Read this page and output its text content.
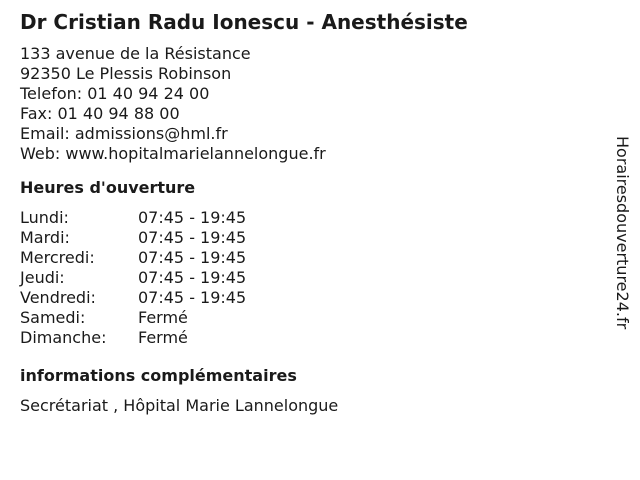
Dr Cristian Radu Ionescu - Anesthésiste
133 avenue de la Résistance
92350 Le Plessis Robinson
Telefon: 01 40 94 24 00
Fax: 01 40 94 88 00
Email: admissions@hml.fr
Web: www.hopitalmarielannelongue.fr
Heures d'ouverture
Lundi:	07:45 - 19:45
Mardi:	07:45 - 19:45
Mercredi:	07:45 - 19:45
Jeudi:	07:45 - 19:45
Vendredi:	07:45 - 19:45
Samedi:	Fermé
Dimanche:	Fermé
informations complémentaires
Secrétariat , Hôpital Marie Lannelongue
Horairesdouverture24.fr
